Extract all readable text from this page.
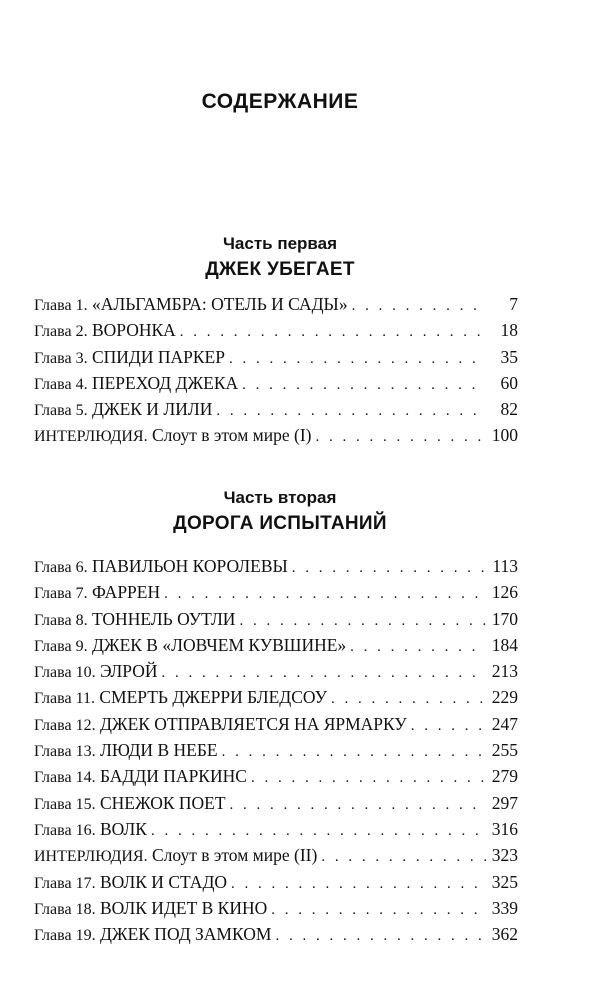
СОДЕРЖАНИЕ
Часть первая
ДЖЕК УБЕГАЕТ
Глава 1.
«АЛЬГАМБРА: ОТЕЛЬ И САДЫ» . . .	7
Глава 2.
ВОРОНКА . . .	18
Глава 3.
СПИДИ ПАРКЕР . . .	35
Глава 4.
ПЕРЕХОД ДЖЕКА . . .	60
Глава 5.
ДЖЕК И ЛИЛИ . . .	82
ИНТЕРЛЮДИЯ.
Слоут в этом мире (I) . . .	100
Часть вторая
ДОРОГА ИСПЫТАНИЙ
Глава 6.
ПАВИЛЬОН КОРОЛЕВЫ . . .	113
Глава 7.
ФАРРЕН . . .	126
Глава 8.
ТОННЕЛЬ ОУТЛИ . . .	170
Глава 9.
ДЖЕК В «ЛОВЧЕМ КУВШИНЕ» . . .	184
Глава 10.
ЭЛРОЙ . . .	213
Глава 11.
СМЕРТЬ ДЖЕРРИ БЛЕДСОУ . . .	229
Глава 12.
ДЖЕК ОТПРАВЛЯЕТСЯ НА ЯРМАРКУ . . .	247
Глава 13.
ЛЮДИ В НЕБЕ . . .	255
Глава 14.
БАДДИ ПАРКИНС . . .	279
Глава 15.
СНЕЖОК ПОЕТ . . .	297
Глава 16.
ВОЛК . . .	316
ИНТЕРЛЮДИЯ.
Слоут в этом мире (II) . . .	323
Глава 17.
ВОЛК И СТАДО . . .	325
Глава 18.
ВОЛК ИДЕТ В КИНО . . .	339
Глава 19.
ДЖЕК ПОД ЗАМКОМ . . .	362
